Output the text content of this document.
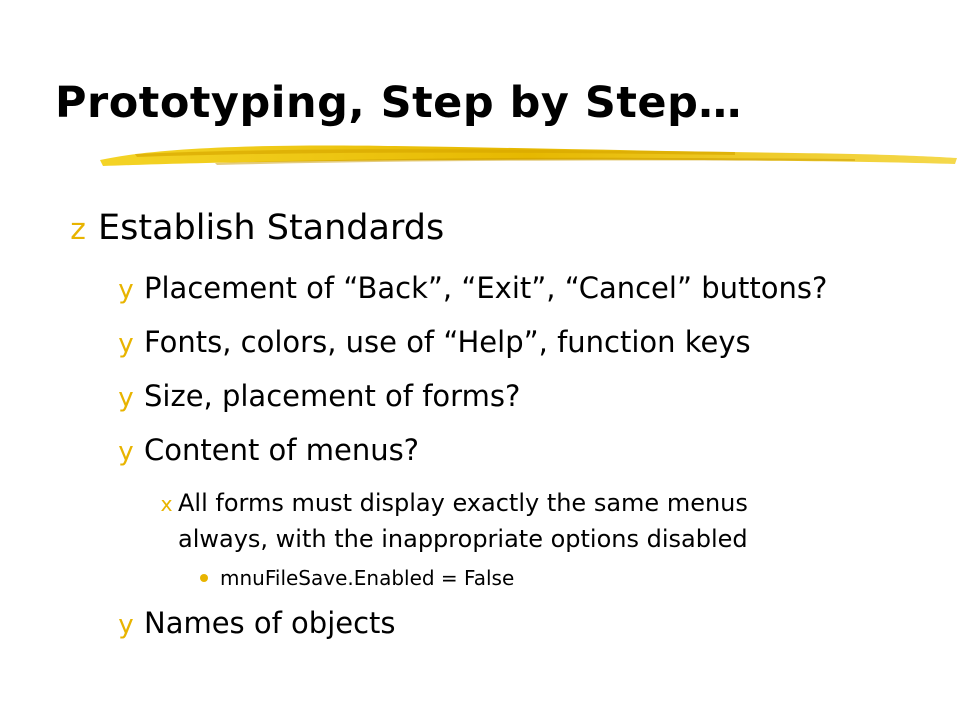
Prototyping, Step by Step…
z Establish Standards
y Placement of “Back”, “Exit”, “Cancel” buttons?
y Fonts, colors, use of “Help”, function keys
y Size, placement of forms?
y Content of menus?
x All forms must display exactly the same menus
always, with the inappropriate options disabled
mnuFileSave.Enabled = False
y Names of objects
